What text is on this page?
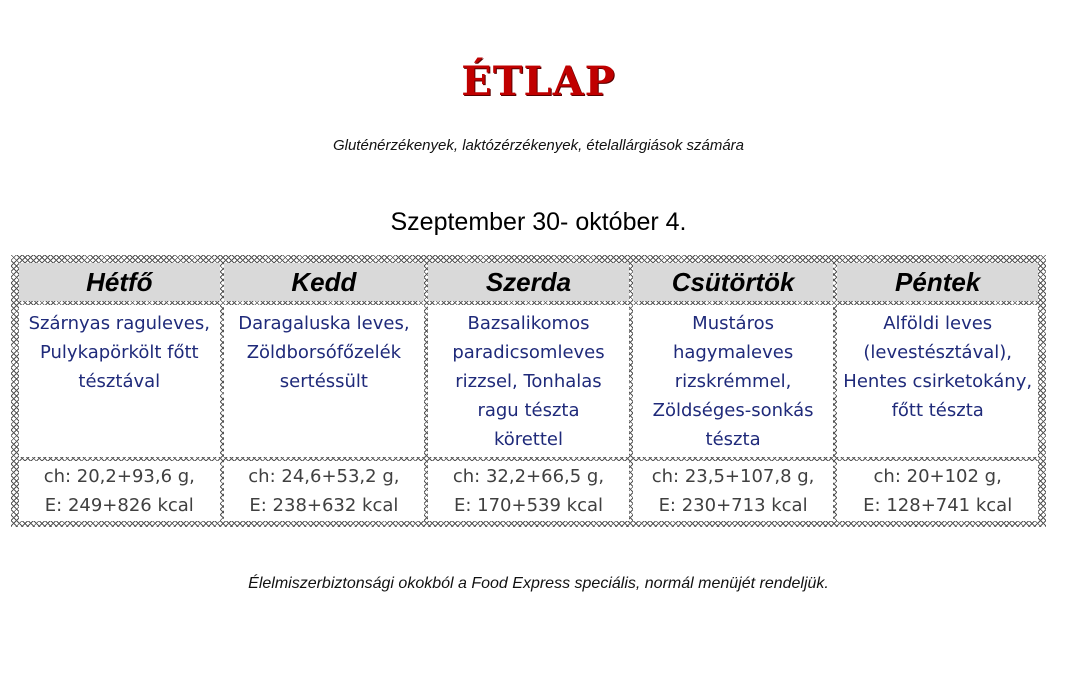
ÉTLAP
Gluténérzékenyek, laktózérzékenyek, ételallárgiások számára
Szeptember 30- október 4.
Hétfő	Kedd	Szerda	Csütörtök	Péntek

Szárnyas raguleves,
Pulykapörkölt főtt
tésztával	Daragaluska leves,
Zöldborsófőzelék
sertéssült	Bazsalikomos
paradicsomleves
rizzsel, Tonhalas
ragu tészta
körettel	Mustáros
hagymaleves
rizskrémmel,
Zöldséges-sonkás
tészta	Alföldi leves
(levestésztával),
Hentes csirketokány,
főtt tészta

ch: 20,2+93,6 g,
E: 249+826 kcal	ch: 24,6+53,2 g,
E: 238+632 kcal	ch: 32,2+66,5 g,
E: 170+539 kcal	ch: 23,5+107,8 g,
E: 230+713 kcal	ch: 20+102 g,
E: 128+741 kcal
Élelmiszerbiztonsági okokból a Food Express speciális, normál menüjét rendeljük.
